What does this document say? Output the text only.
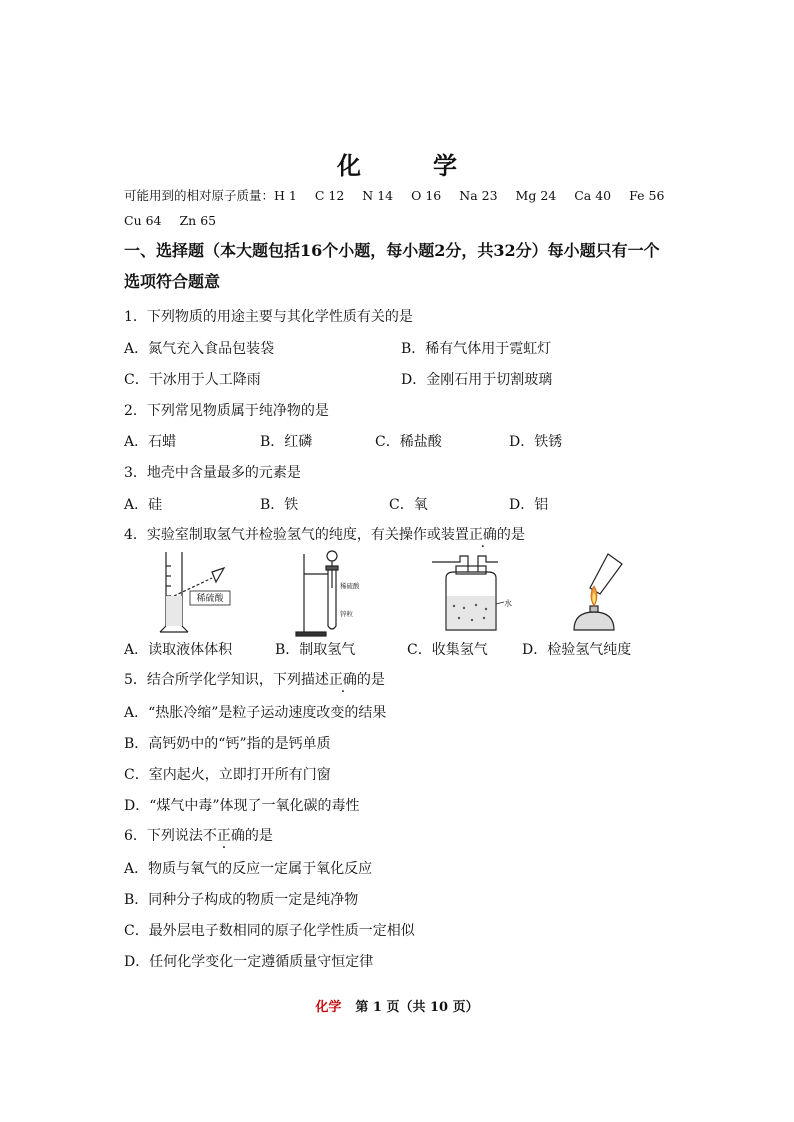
化　学
可能用到的相对原子质量：H 1 C 12 N 14 O 16 Na 23 Mg 24 Ca 40 Fe 56
Cu 64 Zn 65
一、选择题（本大题包括16个小题，每小题2分，共32分）每小题只有一个
选项符合题意
1．下列物质的用途主要与其化学性质有关的是
A．氮气充入食品包装袋	B．稀有气体用于霓虹灯
C．干冰用于人工降雨	D．金刚石用于切割玻璃
2．下列常见物质属于纯净物的是
A．石蜡	B．红磷	C．稀盐酸	D．铁锈
3．地壳中含量最多的元素是
A．硅	B．铁	C．氧	D．铝
4．实验室制取氢气并检验氢气的纯度，有关操作或装置正确的是
稀硫酸
稀硫酸
锌粒
水
A．读取液体体积	B．制取氢气	C．收集氢气 D．检验氢气纯度
5．结合所学化学知识，下列描述正确的是
A．“热胀冷缩”是粒子运动速度改变的结果
B．高钙奶中的“钙”指的是钙单质
C．室内起火，立即打开所有门窗
D．“煤气中毒”体现了一氧化碳的毒性
6．下列说法不正确的是
A．物质与氧气的反应一定属于氧化反应
B．同种分子构成的物质一定是纯净物
C．最外层电子数相同的原子化学性质一定相似
D．任何化学变化一定遵循质量守恒定律
化学 第 1 页（共 10 页）
